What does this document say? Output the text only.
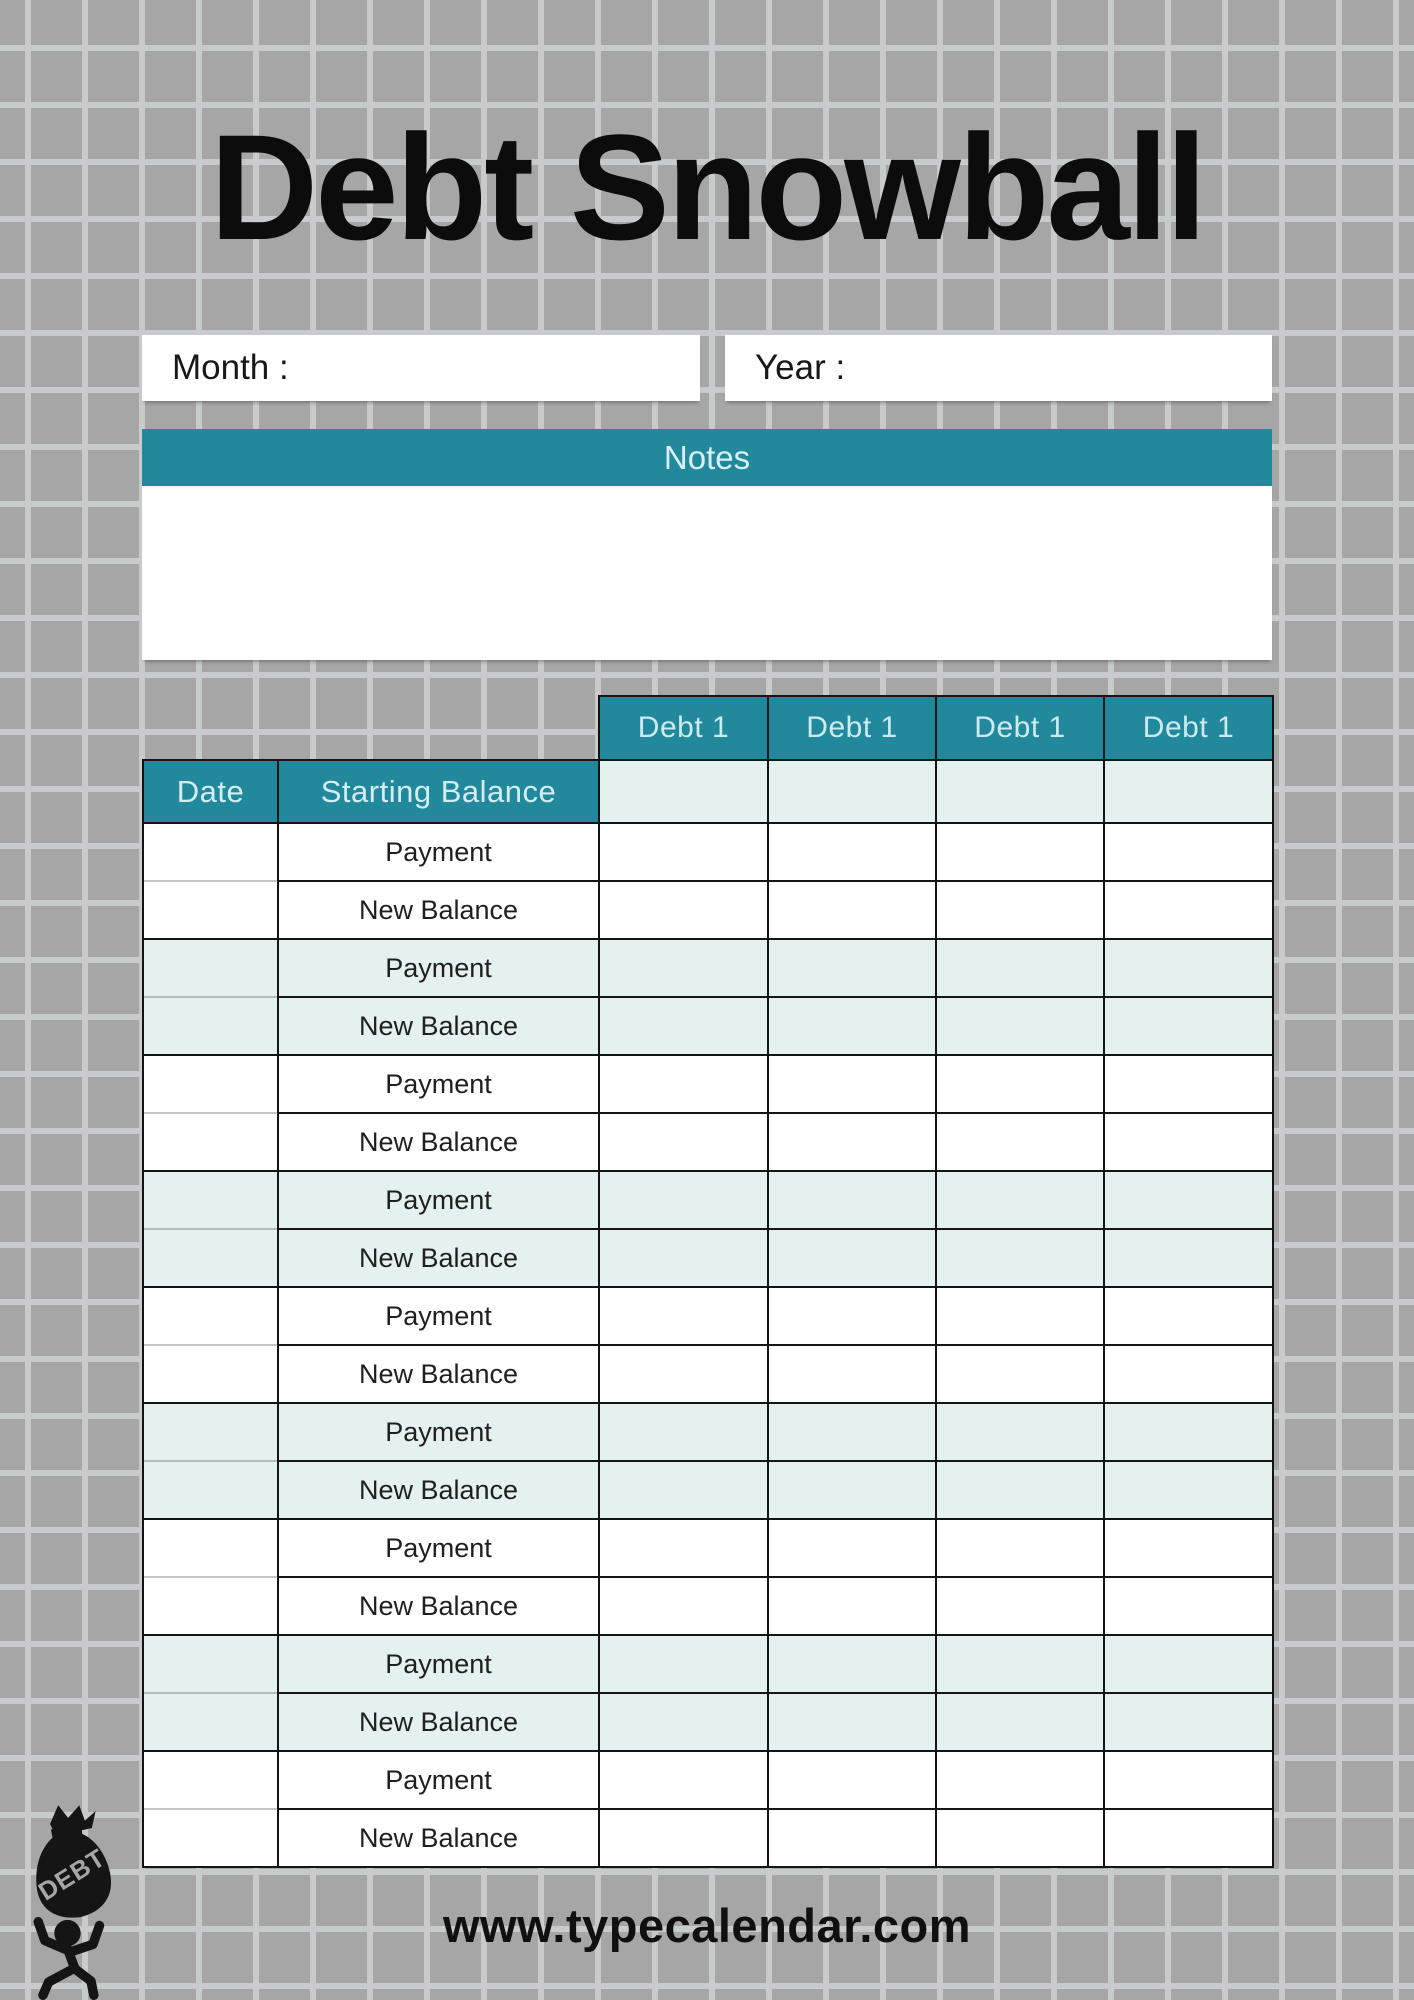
Debt Snowball
Month :	Year :
Notes
		Debt 1	Debt 1	Debt 1	Debt 1
Date	Starting Balance				
	Payment				
	New Balance				
	Payment				
	New Balance				
	Payment				
	New Balance				
	Payment				
	New Balance				
	Payment				
	New Balance				
	Payment				
	New Balance				
	Payment				
	New Balance				
	Payment				
	New Balance				
	Payment				
	New Balance				
DEBT
www.typecalendar.com
